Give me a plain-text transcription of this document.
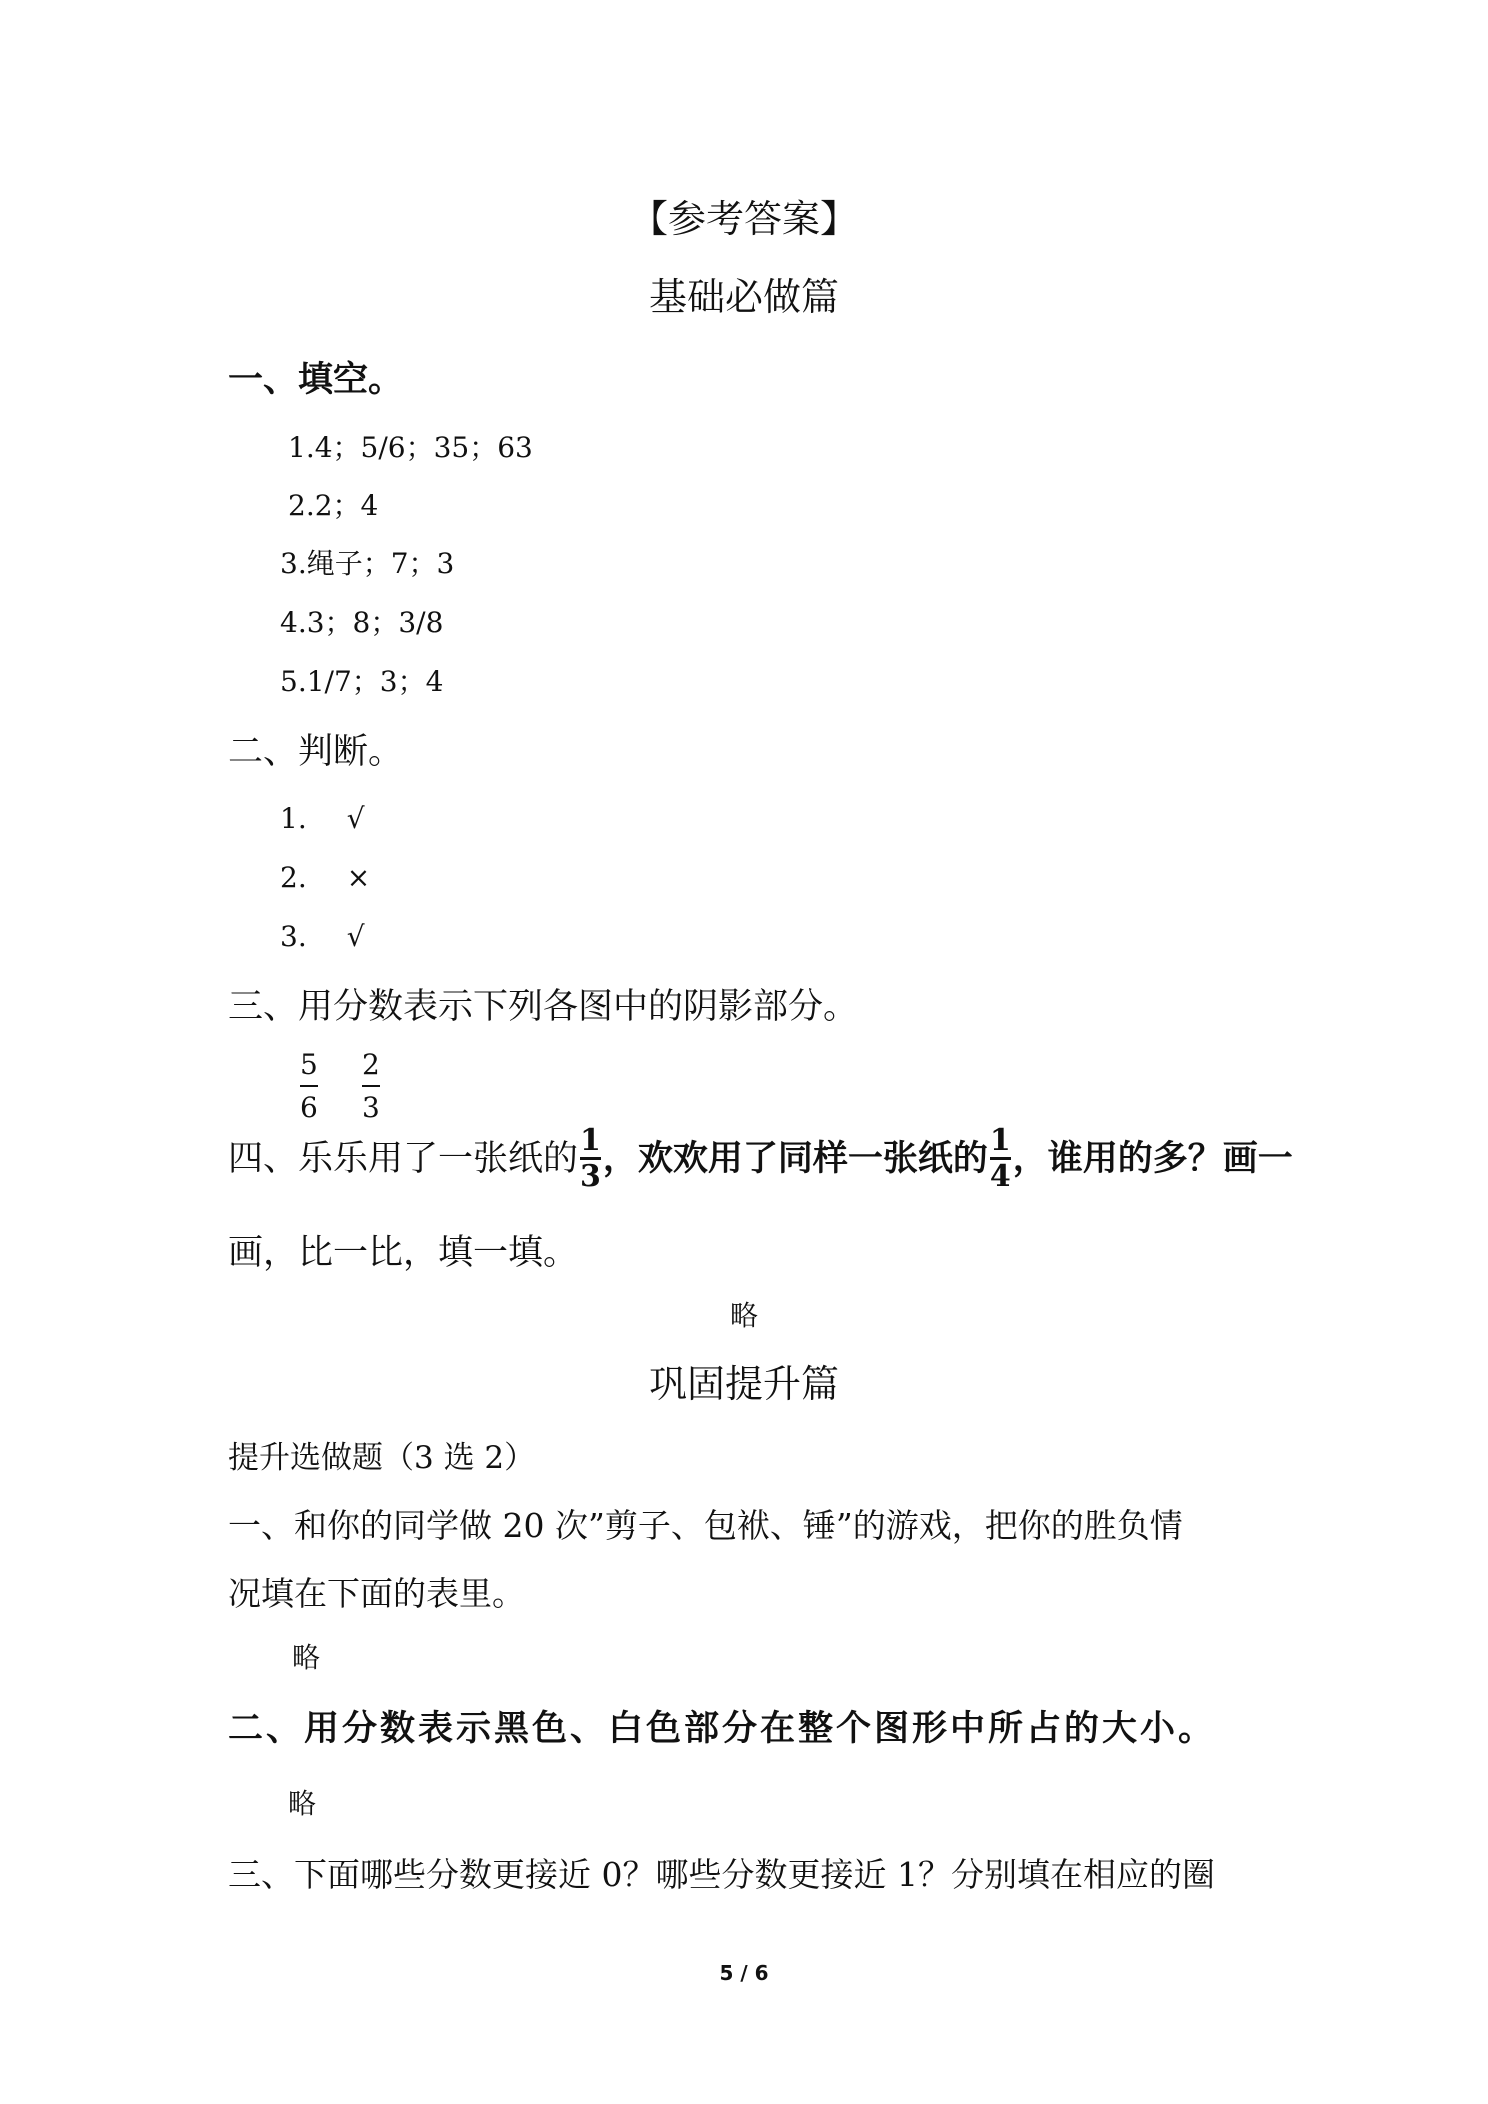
【参考答案】
基础必做篇
一、填空。
1.4；5/6；35；63
2.2；4
3.绳子；7；3
4.3；8；3/8
5.1/7；3；4
二、判断。
1. √
2. ×
3. √
三、用分数表示下列各图中的阴影部分。
5
6
2
3
四、乐乐用了一张纸的 $\frac{1}{3}$ ，欢欢用了同样一张纸的 $\frac{1}{4}$ ，谁用的多？画一
画，比一比，填一填。
略
巩固提升篇
提升选做题（3 选 2）
一、和你的同学做 20 次”剪子、包袱、锤”的游戏，把你的胜负情
况填在下面的表里。
略
二、用分数表示黑色、白色部分在整个图形中所占的大小。
略
三、下面哪些分数更接近 0？哪些分数更接近 1？分别填在相应的圈
5 / 6
